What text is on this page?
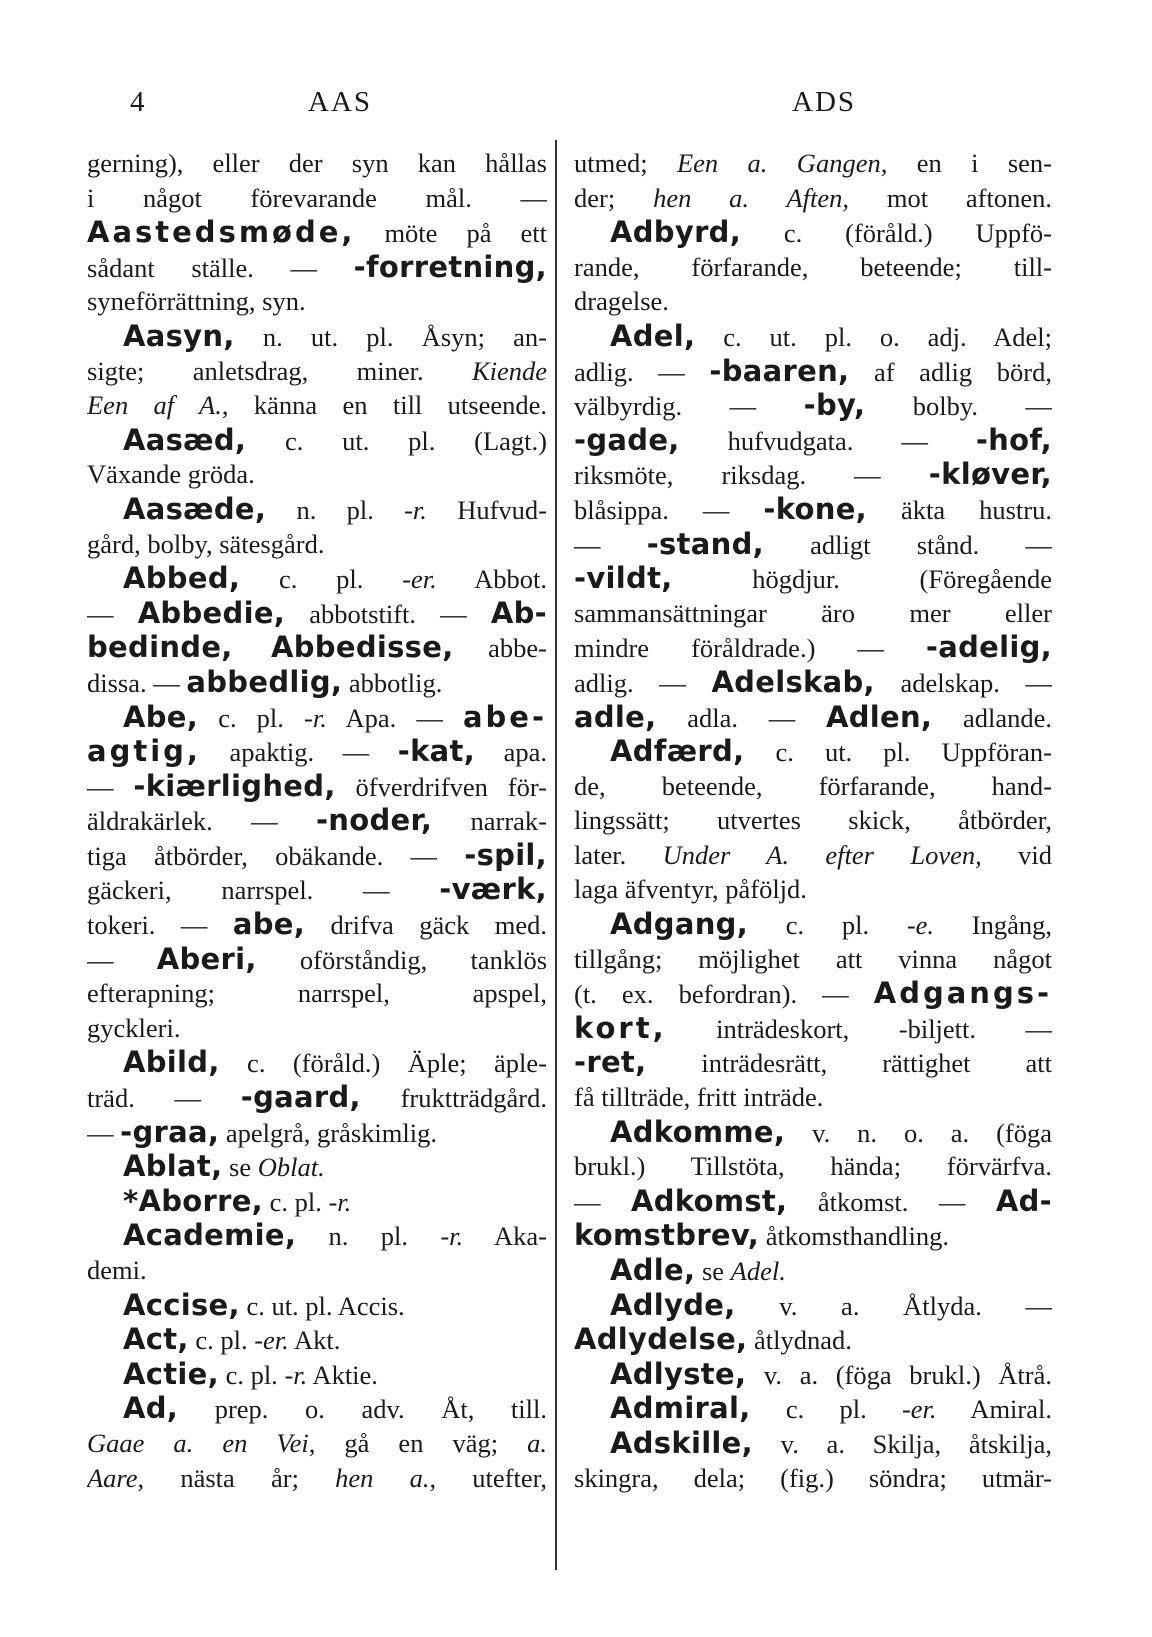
4	AAS	ADS
gerning), eller der syn kan hållas
i något förevarande mål. —
Aastedsmøde, möte på ett
sådant ställe. — -forretning,
syneförrättning, syn.
Aasyn, n. ut. pl. Åsyn; an-
sigte; anletsdrag, miner. Kiende
Een af A., känna en till utseende.
Aasæd, c. ut. pl. (Lagt.)
Växande gröda.
Aasæde, n. pl. -r. Hufvud-
gård, bolby, sätesgård.
Abbed, c. pl. -er. Abbot.
— Abbedie, abbotstift. — Ab-
bedinde, Abbedisse, abbe-
dissa. — abbedlig, abbotlig.
Abe, c. pl. -r. Apa. — abe-
agtig, apaktig. — -kat, apa.
— -kiærlighed, öfverdrifven för-
äldrakärlek. — -noder, narrak-
tiga åtbörder, obäkande. — -spil,
gäckeri, narrspel. — -værk,
tokeri. — abe, drifva gäck med.
— Aberi, oförståndig, tanklös
efterapning; narrspel, apspel,
gyckleri.
Abild, c. (föråld.) Äple; äple-
träd. — -gaard, fruktträdgård.
— -graa, apelgrå, gråskimlig.
Ablat, se Oblat.
*Aborre, c. pl. -r.
Academie, n. pl. -r. Aka-
demi.
Accise, c. ut. pl. Accis.
Act, c. pl. -er. Akt.
Actie, c. pl. -r. Aktie.
Ad, prep. o. adv. Åt, till.
Gaae a. en Vei, gå en väg; a.
Aare, nästa år; hen a., utefter,
utmed; Een a. Gangen, en i sen-
der; hen a. Aften, mot aftonen.
Adbyrd, c. (föråld.) Uppfö-
rande, förfarande, beteende; till-
dragelse.
Adel, c. ut. pl. o. adj. Adel;
adlig. — -baaren, af adlig börd,
välbyrdig. — -by, bolby. —
-gade, hufvudgata. — -hof,
riksmöte, riksdag. — -kløver,
blåsippa. — -kone, äkta hustru.
— -stand, adligt stånd. —
-vildt, högdjur. (Föregående
sammansättningar äro mer eller
mindre föråldrade.) — -adelig,
adlig. — Adelskab, adelskap. —
adle, adla. — Adlen, adlande.
Adfærd, c. ut. pl. Uppföran-
de, beteende, förfarande, hand-
lingssätt; utvertes skick, åtbörder,
later. Under A. efter Loven, vid
laga äfventyr, påföljd.
Adgang, c. pl. -e. Ingång,
tillgång; möjlighet att vinna något
(t. ex. befordran). — Adgangs-
kort, inträdeskort, -biljett. —
-ret, inträdesrätt, rättighet att
få tillträde, fritt inträde.
Adkomme, v. n. o. a. (föga
brukl.) Tillstöta, hända; förvärfva.
— Adkomst, åtkomst. — Ad-
komstbrev, åtkomsthandling.
Adle, se Adel.
Adlyde, v. a. Åtlyda. —
Adlydelse, åtlydnad.
Adlyste, v. a. (föga brukl.) Åtrå.
Admiral, c. pl. -er. Amiral.
Adskille, v. a. Skilja, åtskilja,
skingra, dela; (fig.) söndra; utmär-
